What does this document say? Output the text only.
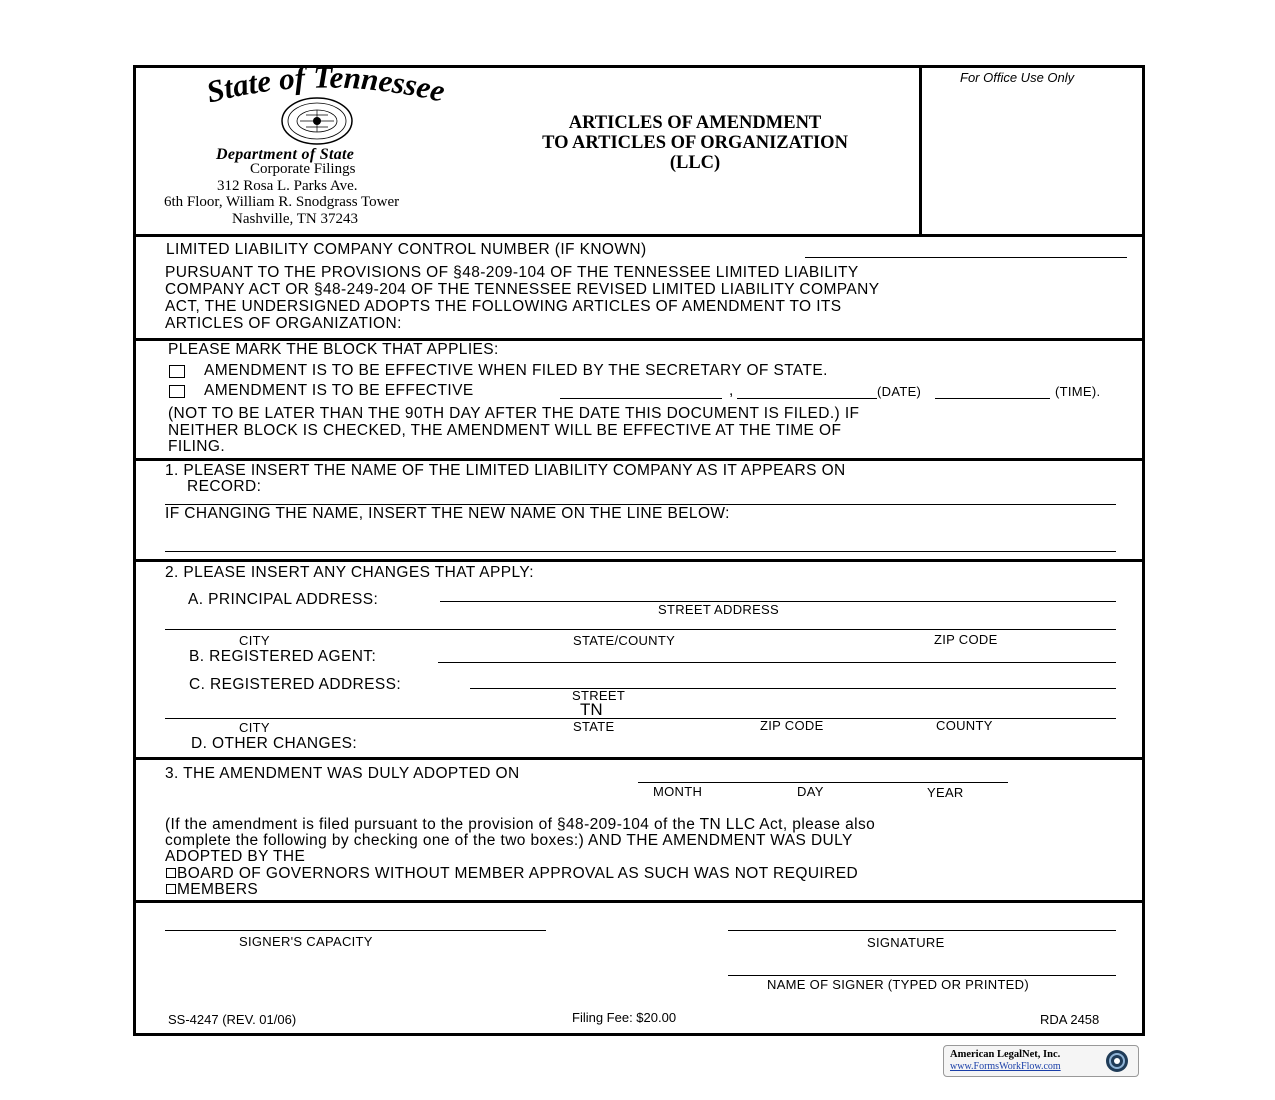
State of Tennessee
Department of State
Corporate Filings
312 Rosa L. Parks Ave.
6th Floor, William R. Snodgrass Tower
Nashville, TN 37243
ARTICLES OF AMENDMENT
TO ARTICLES OF ORGANIZATION
(LLC)
For Office Use Only
LIMITED LIABILITY COMPANY CONTROL NUMBER (IF KNOWN)
PURSUANT TO THE PROVISIONS OF §48-209-104 OF THE TENNESSEE LIMITED LIABILITY
COMPANY ACT OR §48-249-204 OF THE TENNESSEE REVISED LIMITED LIABILITY COMPANY
ACT, THE UNDERSIGNED ADOPTS THE FOLLOWING ARTICLES OF AMENDMENT TO ITS
ARTICLES OF ORGANIZATION:
PLEASE MARK THE BLOCK THAT APPLIES:
AMENDMENT IS TO BE EFFECTIVE WHEN FILED BY THE SECRETARY OF STATE.
AMENDMENT IS TO BE EFFECTIVE	,	(DATE)	(TIME).
(NOT TO BE LATER THAN THE 90TH DAY AFTER THE DATE THIS DOCUMENT IS FILED.) IF
NEITHER BLOCK IS CHECKED, THE AMENDMENT WILL BE EFFECTIVE AT THE TIME OF
FILING.
1. PLEASE INSERT THE NAME OF THE LIMITED LIABILITY COMPANY AS IT APPEARS ON
RECORD:
IF CHANGING THE NAME, INSERT THE NEW NAME ON THE LINE BELOW:
2. PLEASE INSERT ANY CHANGES THAT APPLY:
A. PRINCIPAL ADDRESS:
STREET ADDRESS
CITY	STATE/COUNTY	ZIP CODE
B. REGISTERED AGENT:
C. REGISTERED ADDRESS:
STREET
TN
CITY	STATE	ZIP CODE	COUNTY
D. OTHER CHANGES:
3. THE AMENDMENT WAS DULY ADOPTED ON
MONTH	DAY	YEAR
(If the amendment is filed pursuant to the provision of §48-209-104 of the TN LLC Act, please also
complete the following by checking one of the two boxes:) AND THE AMENDMENT WAS DULY
ADOPTED BY THE
BOARD OF GOVERNORS WITHOUT MEMBER APPROVAL AS SUCH WAS NOT REQUIRED
MEMBERS
SIGNER'S CAPACITY	SIGNATURE
NAME OF SIGNER (TYPED OR PRINTED)
SS-4247 (REV. 01/06)	Filing Fee: $20.00	RDA 2458
American LegalNet, Inc.
www.FormsWorkFlow.com
